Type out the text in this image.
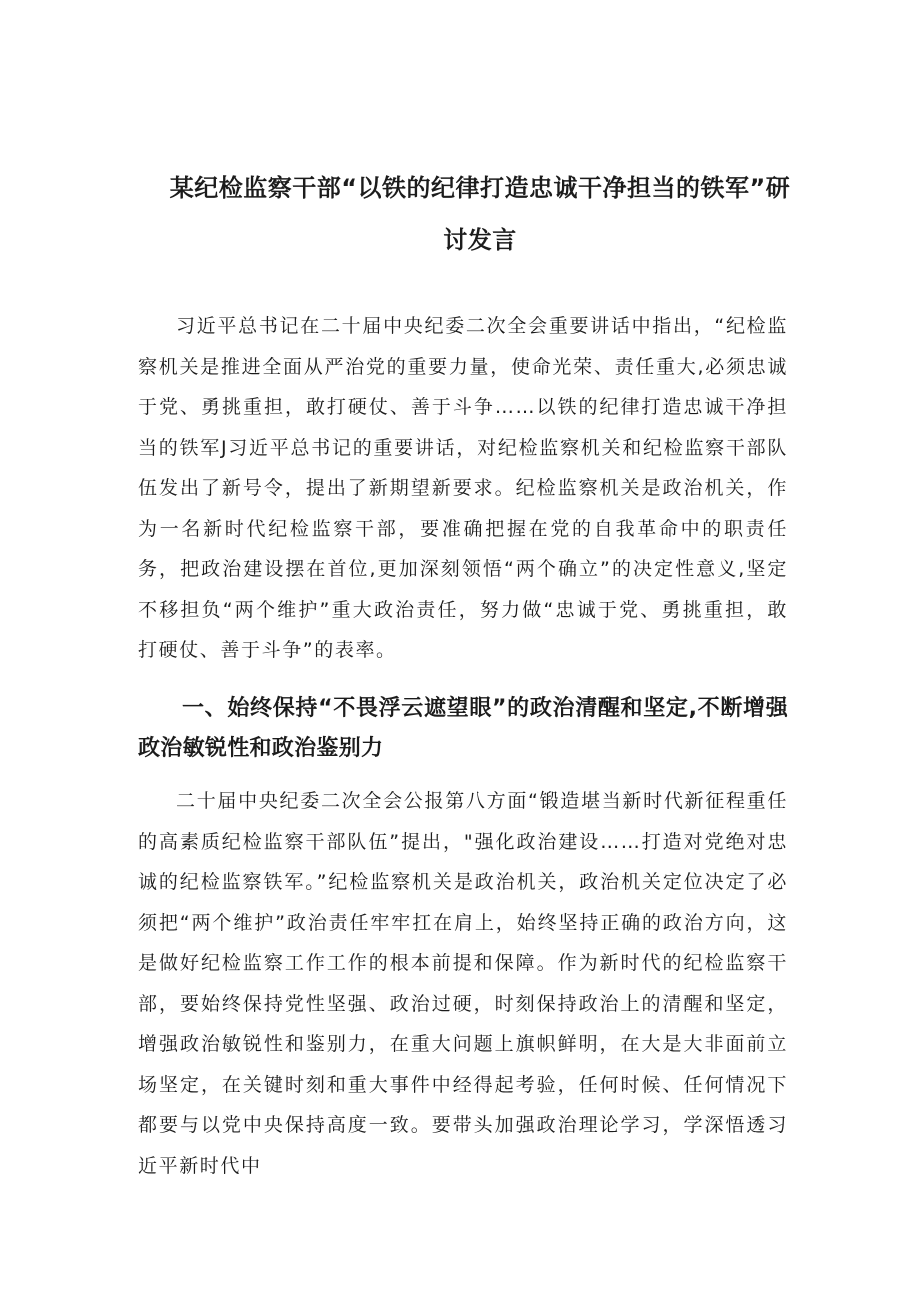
某纪检监察干部“以铁的纪律打造忠诚干净担当的铁军”研讨发言
习近平总书记在二十届中央纪委二次全会重要讲话中指出，“纪检监察机关是推进全面从严治党的重要力量，使命光荣、责任重大,必须忠诚于党、勇挑重担，敢打硬仗、善于斗争……以铁的纪律打造忠诚干净担当的铁军J习近平总书记的重要讲话，对纪检监察机关和纪检监察干部队伍发出了新号令，提出了新期望新要求。纪检监察机关是政治机关，作为一名新时代纪检监察干部，要准确把握在党的自我革命中的职责任务，把政治建设摆在首位,更加深刻领悟“两个确立”的决定性意义,坚定不移担负“两个维护”重大政治责任，努力做“忠诚于党、勇挑重担，敢打硬仗、善于斗争”的表率。
一、始终保持“不畏浮云遮望眼”的政治清醒和坚定,不断增强政治敏锐性和政治鉴别力
二十届中央纪委二次全会公报第八方面“锻造堪当新时代新征程重任的高素质纪检监察干部队伍”提出，"强化政治建设……打造对党绝对忠诚的纪检监察铁军。”纪检监察机关是政治机关，政治机关定位决定了必须把“两个维护”政治责任牢牢扛在肩上，始终坚持正确的政治方向，这是做好纪检监察工作工作的根本前提和保障。作为新时代的纪检监察干部，要始终保持党性坚强、政治过硬，时刻保持政治上的清醒和坚定，增强政治敏锐性和鉴别力，在重大问题上旗帜鲜明，在大是大非面前立场坚定，在关键时刻和重大事件中经得起考验，任何时候、任何情况下都要与以党中央保持高度一致。要带头加强政治理论学习，学深悟透习近平新时代中
